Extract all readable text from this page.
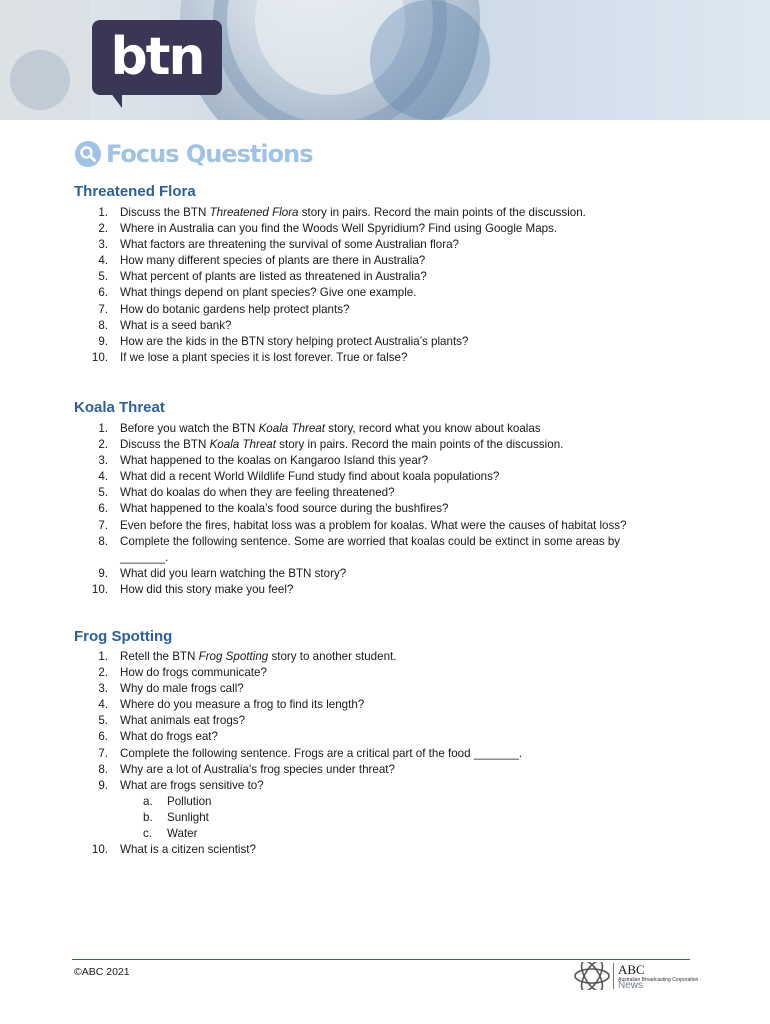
btn
Focus Questions
Threatened Flora
1. Discuss the BTN Threatened Flora story in pairs. Record the main points of the discussion.
2. Where in Australia can you find the Woods Well Spyridium? Find using Google Maps.
3. What factors are threatening the survival of some Australian flora?
4. How many different species of plants are there in Australia?
5. What percent of plants are listed as threatened in Australia?
6. What things depend on plant species? Give one example.
7. How do botanic gardens help protect plants?
8. What is a seed bank?
9. How are the kids in the BTN story helping protect Australia’s plants?
10. If we lose a plant species it is lost forever. True or false?
Koala Threat
1. Before you watch the BTN Koala Threat story, record what you know about koalas
2. Discuss the BTN Koala Threat story in pairs. Record the main points of the discussion.
3. What happened to the koalas on Kangaroo Island this year?
4. What did a recent World Wildlife Fund study find about koala populations?
5. What do koalas do when they are feeling threatened?
6. What happened to the koala’s food source during the bushfires?
7. Even before the fires, habitat loss was a problem for koalas. What were the causes of habitat loss?
8. Complete the following sentence. Some are worried that koalas could be extinct in some areas by
_______.
9. What did you learn watching the BTN story?
10. How did this story make you feel?
Frog Spotting
1. Retell the BTN Frog Spotting story to another student.
2. How do frogs communicate?
3. Why do male frogs call?
4. Where do you measure a frog to find its length?
5. What animals eat frogs?
6. What do frogs eat?
7. Complete the following sentence. Frogs are a critical part of the food _______.
8. Why are a lot of Australia’s frog species under threat?
9. What are frogs sensitive to?
a. Pollution
b. Sunlight
c. Water
10. What is a citizen scientist?
©ABC 2021	ABC
Australian Broadcasting Corporation
News
